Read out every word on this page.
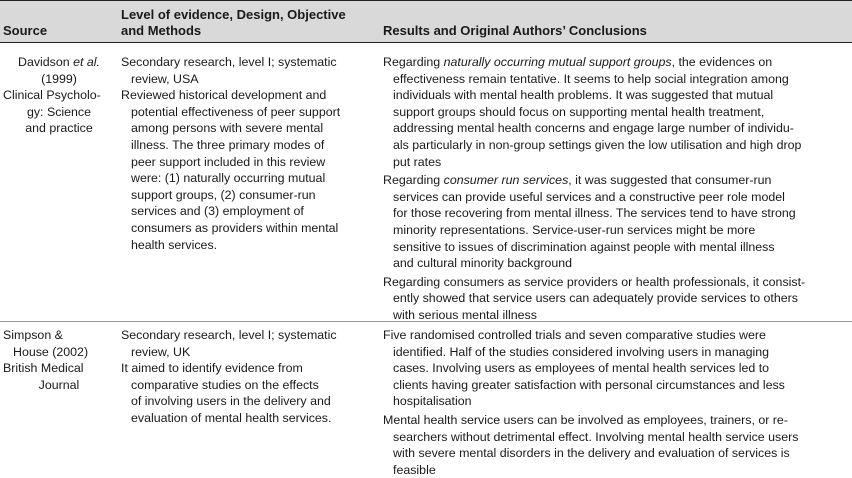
Source
Level of evidence, Design, Objective and Methods	Results and Original Authors’ Conclusions
Davidson et al.
(1999)
Clinical Psycholo-
gy: Science
and practice
Secondary research, level I; systematic
review, USA
Reviewed historical development and
potential effectiveness of peer support
among persons with severe mental
illness. The three primary modes of
peer support included in this review
were: (1) naturally occurring mutual
support groups, (2) consumer-run
services and (3) employment of
consumers as providers within mental
health services.
Regarding naturally occurring mutual support groups, the evidences on
effectiveness remain tentative. It seems to help social integration among
individuals with mental health problems. It was suggested that mutual
support groups should focus on supporting mental health treatment,
addressing mental health concerns and engage large number of individu-
als particularly in non-group settings given the low utilisation and high drop
put rates
Regarding consumer run services, it was suggested that consumer-run
services can provide useful services and a constructive peer role model
for those recovering from mental illness. The services tend to have strong
minority representations. Service-user-run services might be more
sensitive to issues of discrimination against people with mental illness
and cultural minority background
Regarding consumers as service providers or health professionals, it consist-
ently showed that service users can adequately provide services to others
with serious mental illness
Simpson &
House (2002)
British Medical
Journal
Secondary research, level I; systematic
review, UK
It aimed to identify evidence from
comparative studies on the effects
of involving users in the delivery and
evaluation of mental health services.
Five randomised controlled trials and seven comparative studies were
identified. Half of the studies considered involving users in managing
cases. Involving users as employees of mental health services led to
clients having greater satisfaction with personal circumstances and less
hospitalisation
Mental health service users can be involved as employees, trainers, or re-
searchers without detrimental effect. Involving mental health service users
with severe mental disorders in the delivery and evaluation of services is
feasible
